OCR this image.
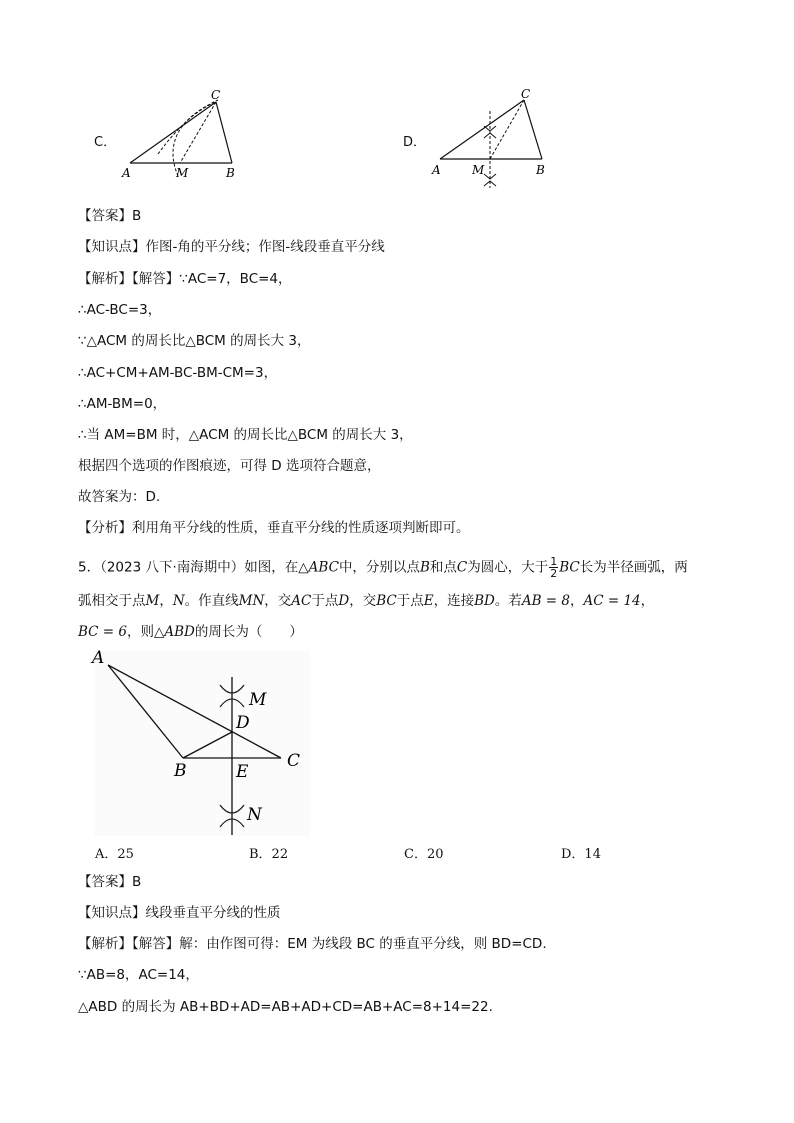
C．
A	M	B
C
D．
A	M	B
C
【答案】B
【知识点】作图-角的平分线；作图-线段垂直平分线
【解析】【解答】∵AC=7，BC=4，
∴AC-BC=3，
∵△ACM 的周长比△BCM 的周长大 3，
∴AC+CM+AM-BC-BM-CM=3，
∴AM-BM=0，
∴当 AM=BM 时，△ACM 的周长比△BCM 的周长大 3，
根据四个选项的作图痕迹，可得 D 选项符合题意，
故答案为：D.
【分析】利用角平分线的性质，垂直平分线的性质逐项判断即可。
5．（2023 八下·南海期中）如图，在△ABC中，分别以点B和点C为圆心，大于 $\frac{1}{2}$ BC长为半径画弧，两
弧相交于点M，N。作直线MN，交AC于点D，交BC于点E，连接BD。若AB = 8，AC = 14，
BC = 6，则△ABD的周长为（　　）
A
B	C
D
E
M
N
A．25	B．22	C．20	D．14
【答案】B
【知识点】线段垂直平分线的性质
【解析】【解答】解：由作图可得：EM 为线段 BC 的垂直平分线，则 BD=CD.
∵AB=8，AC=14，
△ABD 的周长为 AB+BD+AD=AB+AD+CD=AB+AC=8+14=22.
